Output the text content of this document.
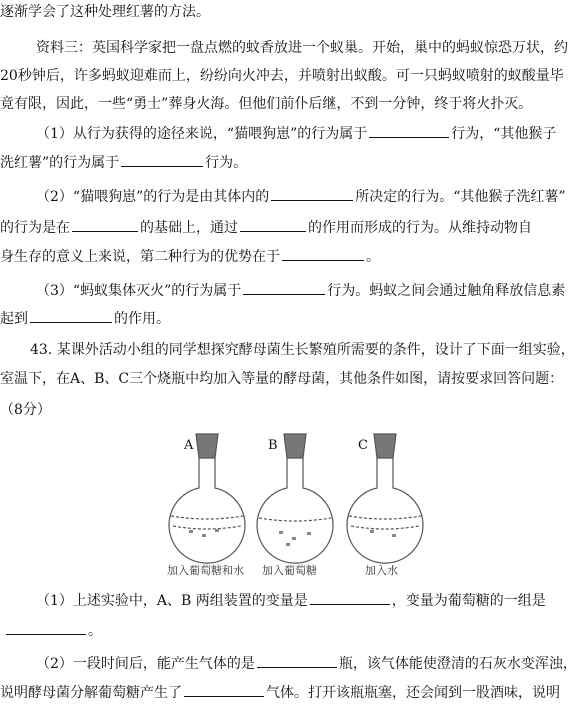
逐渐学会了这种处理红薯的方法。
资料三：英国科学家把一盘点燃的蚊香放进一个蚁巢。开始，巢中的蚂蚁惊恐万状，约
20秒钟后，许多蚂蚁迎难而上，纷纷向火冲去，并喷射出蚁酸。可一只蚂蚁喷射的蚁酸量毕
竟有限，因此，一些“勇士”葬身火海。但他们前仆后继，不到一分钟，终于将火扑灭。
（1）从行为获得的途径来说，“猫喂狗崽”的行为属于	行为，“其他猴子
洗红薯”的行为属于	行为。
（2）“猫喂狗崽”的行为是由其体内的	所决定的行为。“其他猴子洗红薯”
的行为是在	的基础上，通过	的作用而形成的行为。从维持动物自
身生存的意义上来说，第二种行为的优势在于	。
（3）“蚂蚁集体灭火”的行为属于	行为。蚂蚁之间会通过触角释放信息素
起到	的作用。
43. 某课外活动小组的同学想探究酵母菌生长繁殖所需要的条件，设计了下面一组实验，
室温下，在A、B、C三个烧瓶中均加入等量的酵母菌，其他条件如图，请按要求回答问题：
（8分）
A	B	C
加入葡萄糖和水 加入葡萄糖	加入水
（1）上述实验中，A、B 两组装置的变量是	，变量为葡萄糖的一组是
。
（2）一段时间后，能产生气体的是	瓶，该气体能使澄清的石灰水变浑浊，
说明酵母菌分解葡萄糖产生了	气体。打开该瓶瓶塞，还会闻到一股酒味，说明
